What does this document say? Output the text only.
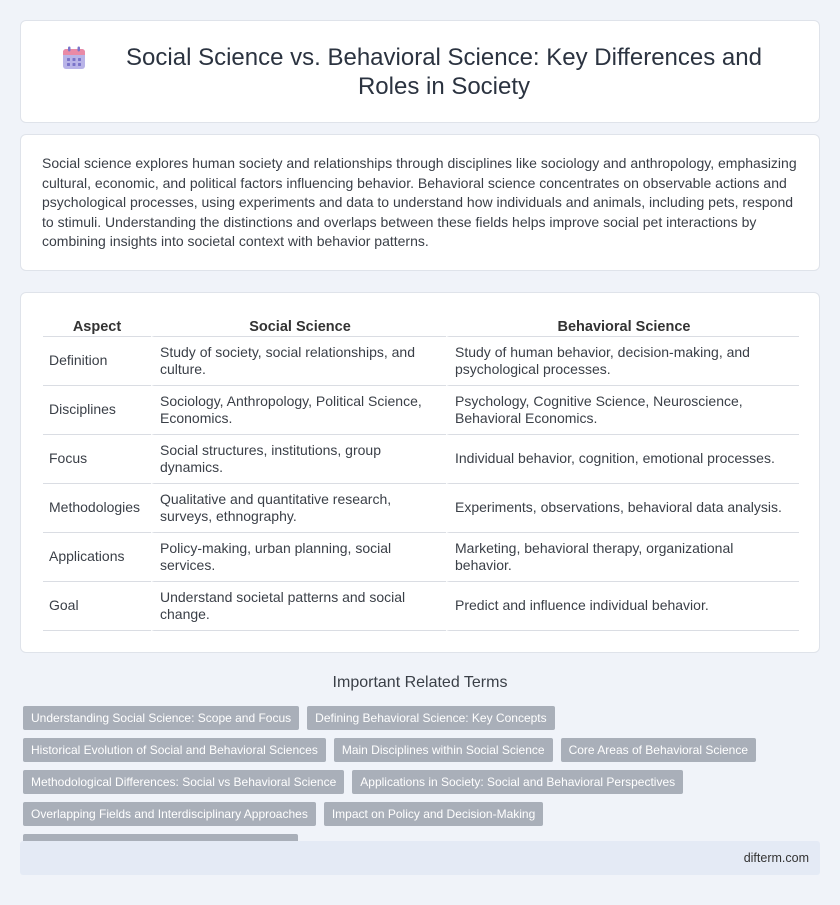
Social Science vs. Behavioral Science: Key Differences and Roles in Society

Social science explores human society and relationships through disciplines like sociology and anthropology, emphasizing cultural, economic, and political factors influencing behavior. Behavioral science concentrates on observable actions and psychological processes, using experiments and data to understand how individuals and animals, including pets, respond to stimuli. Understanding the distinctions and overlaps between these fields helps improve social pet interactions by combining insights into societal context with behavior patterns.

Aspect	Social Science	Behavioral Science
Definition	Study of society, social relationships, and culture.	Study of human behavior, decision-making, and psychological processes.
Disciplines	Sociology, Anthropology, Political Science, Economics.	Psychology, Cognitive Science, Neuroscience, Behavioral Economics.
Focus	Social structures, institutions, group dynamics.	Individual behavior, cognition, emotional processes.
Methodologies	Qualitative and quantitative research, surveys, ethnography.	Experiments, observations, behavioral data analysis.
Applications	Policy-making, urban planning, social services.	Marketing, behavioral therapy, organizational behavior.
Goal	Understand societal patterns and social change.	Predict and influence individual behavior.
Important Related Terms
Understanding Social Science: Scope and Focus	Defining Behavioral Science: Key Concepts
Historical Evolution of Social and Behavioral Sciences	Main Disciplines within Social Science	Core Areas of Behavioral Science
Methodological Differences: Social vs Behavioral Science	Applications in Society: Social and Behavioral Perspectives
Overlapping Fields and Interdisciplinary Approaches	Impact on Policy and Decision-Making
difterm.com
